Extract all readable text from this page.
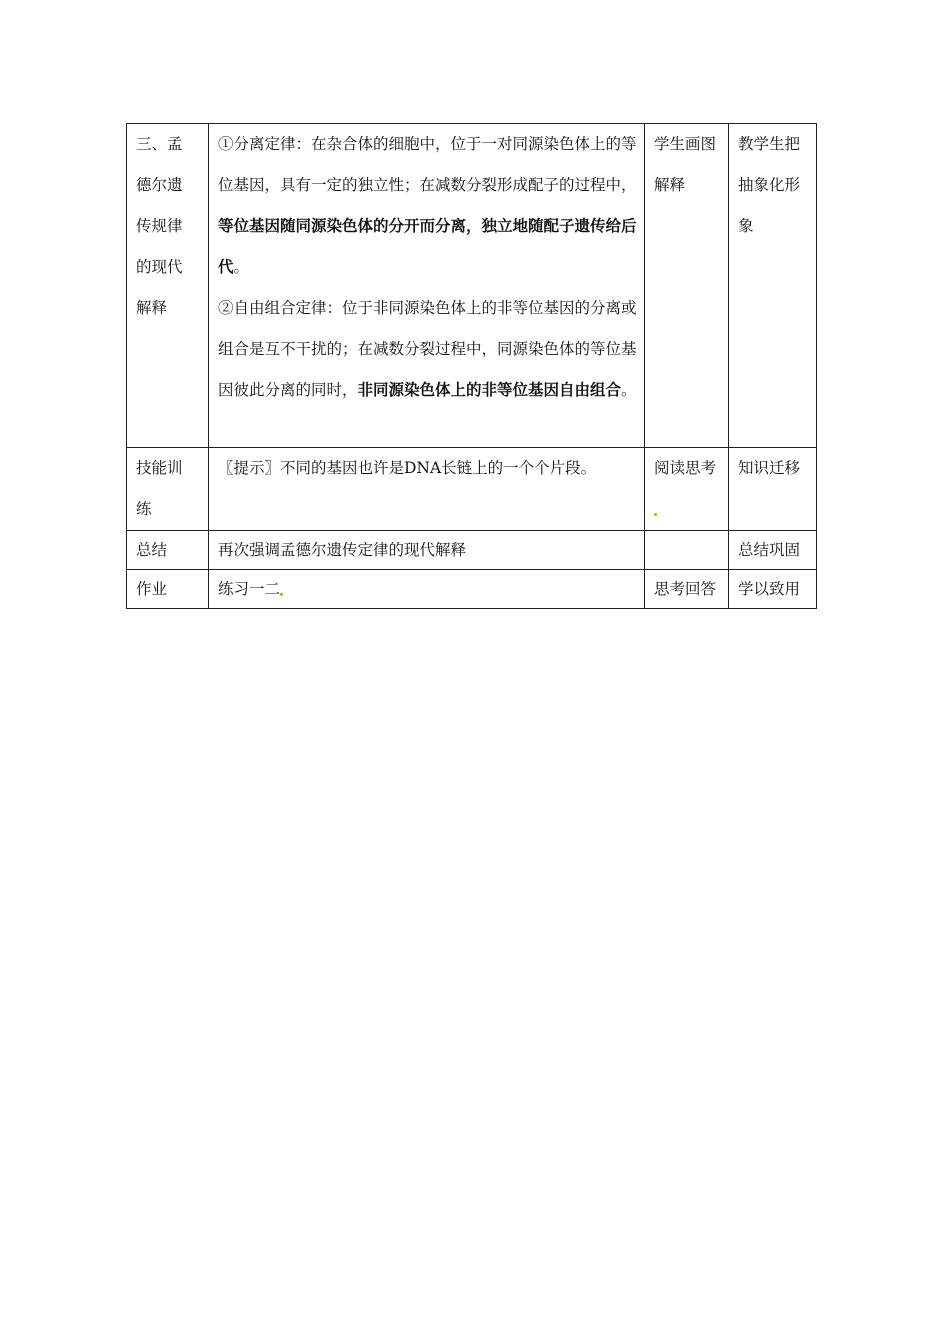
三、孟德尔遗传规律的现代解释	①分离定律：在杂合体的细胞中，位于一对同源染色体上的等位基因，具有一定的独立性；在减数分裂形成配子的过程中，等位基因随同源染色体的分开而分离，独立地随配子遗传给后代。
②自由组合定律：位于非同源染色体上的非等位基因的分离或组合是互不干扰的；在减数分裂过程中，同源染色体的等位基因彼此分离的同时，非同源染色体上的非等位基因自由组合。	学生画图解释	教学生把抽象化形象
技能训练	〖提示〗不同的基因也许是DNA长链上的一个个片段。	阅读思考	知识迁移
总结	再次强调孟德尔遗传定律的现代解释		总结巩固
作业	练习一二	思考回答	学以致用
